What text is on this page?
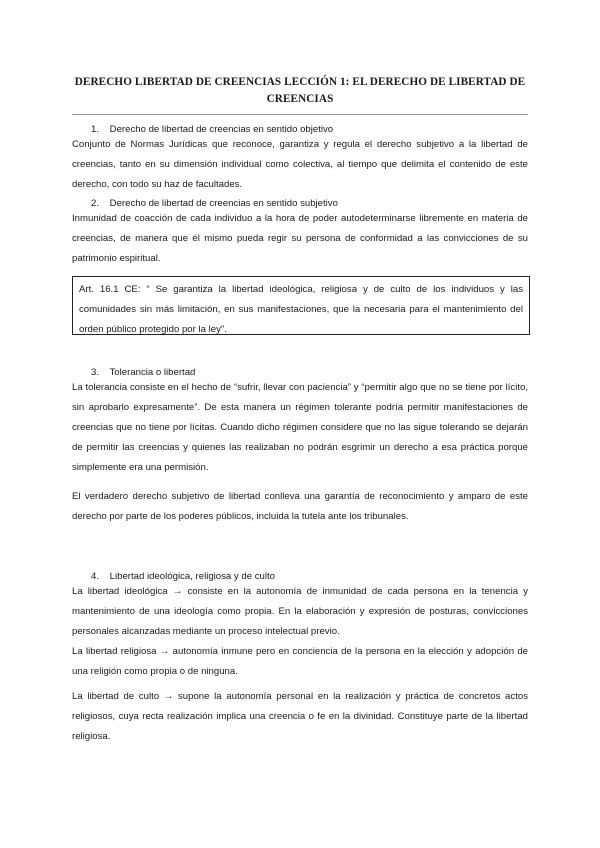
DERECHO LIBERTAD DE CREENCIAS LECCIÓN 1: EL DERECHO DE LIBERTAD DE CREENCIAS
1. Derecho de libertad de creencias en sentido objetivo
Conjunto de Normas Jurídicas que reconoce, garantiza y regula el derecho subjetivo a la libertad de creencias, tanto en su dimensión individual como colectiva, al tiempo que delimita el contenido de este derecho, con todo su haz de facultades.
2. Derecho de libertad de creencias en sentido subjetivo
Inmunidad de coacción de cada individuo a la hora de poder autodeterminarse libremente en materia de creencias, de manera que él mismo pueda regir su persona de conformidad a las convicciones de su patrimonio espiritual.
Art. 16.1 CE: “ Se garantiza la libertad ideológica, religiosa y de culto de los individuos y las comunidades sin más limitación, en sus manifestaciones, que la necesaria para el mantenimiento del orden público protegido por la ley”.
3. Tolerancia o libertad
La tolerancia consiste en el hecho de “sufrir, llevar con paciencia” y “permitir algo que no se tiene por lícito, sin aprobarlo expresamente”. De esta manera un régimen tolerante podría permitir manifestaciones de creencias que no tiene por lícitas. Cuando dicho régimen considere que no las sigue tolerando se dejarán de permitir las creencias y quienes las realizaban no podrán esgrimir un derecho a esa práctica porque simplemente era una permisión.
El verdadero derecho subjetivo de libertad conlleva una garantía de reconocimiento y amparo de este derecho por parte de los poderes públicos, incluida la tutela ante los tribunales.
4. Libertad ideológica, religiosa y de culto
La libertad ideológica → consiste en la autonomía de inmunidad de cada persona en la tenencia y mantenimiento de una ideología como propia. En la elaboración y expresión de posturas, convicciones personales alcanzadas mediante un proceso intelectual previo.
La libertad religiosa → autonomía inmune pero en conciencia de la persona en la elección y adopción de una religión como propia o de ninguna.
La libertad de culto → supone la autonomía personal en la realización y práctica de concretos actos religiosos, cuya recta realización implica una creencia o fe en la divinidad. Constituye parte de la libertad religiosa.
